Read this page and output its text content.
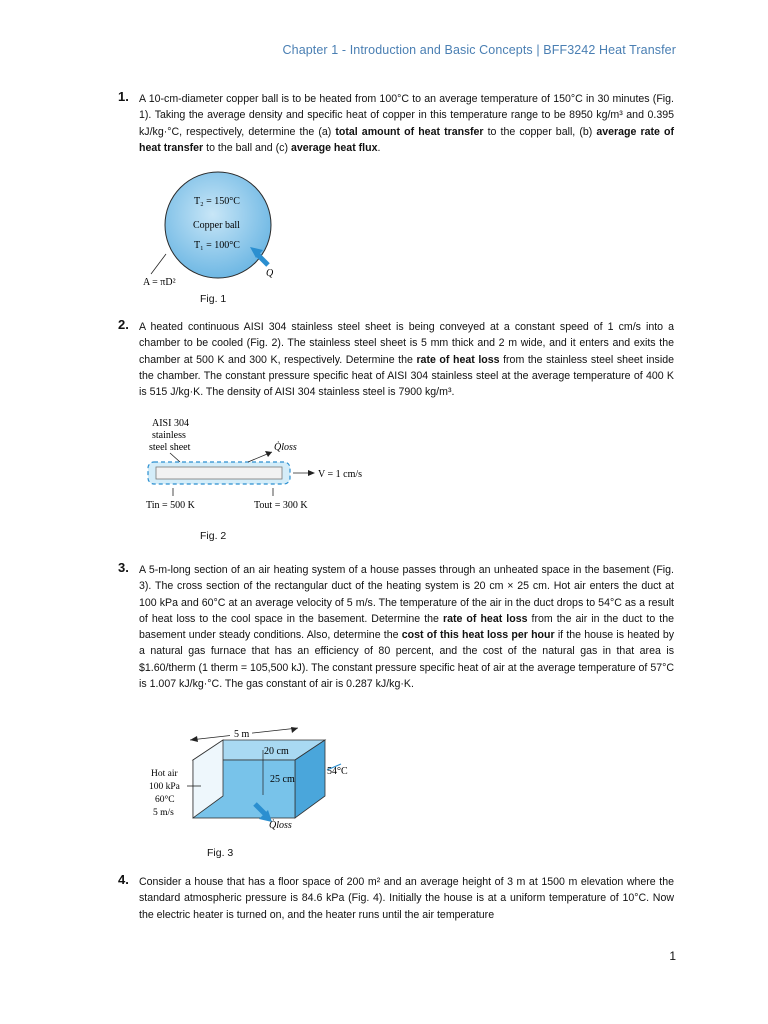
Chapter 1 - Introduction and Basic Concepts | BFF3242 Heat Transfer
1. A 10-cm-diameter copper ball is to be heated from 100°C to an average temperature of 150°C in 30 minutes (Fig. 1). Taking the average density and specific heat of copper in this temperature range to be 8950 kg/m³ and 0.395 kJ/kg·°C, respectively, determine the (a) total amount of heat transfer to the copper ball, (b) average rate of heat transfer to the ball and (c) average heat flux.

T₂ = 150°C
Copper ball
T₁ = 100°C
Q
A = πD²
Fig. 1
2. A heated continuous AISI 304 stainless steel sheet is being conveyed at a constant speed of 1 cm/s into a chamber to be cooled (Fig. 2). The stainless steel sheet is 5 mm thick and 2 m wide, and it enters and exits the chamber at 500 K and 300 K, respectively. Determine the rate of heat loss from the stainless steel sheet inside the chamber. The constant pressure specific heat of AISI 304 stainless steel at the average temperature of 400 K is 515 J/kg·K. The density of AISI 304 stainless steel is 7900 kg/m³.

AISI 304
stainless
steel sheet	Q̇loss
V = 1 cm/s
Tin = 500 K	Tout = 300 K
Fig. 2
3. A 5-m-long section of an air heating system of a house passes through an unheated space in the basement (Fig. 3). The cross section of the rectangular duct of the heating system is 20 cm × 25 cm. Hot air enters the duct at 100 kPa and 60°C at an average velocity of 5 m/s. The temperature of the air in the duct drops to 54°C as a result of heat loss to the cool space in the basement. Determine the rate of heat loss from the air in the duct to the basement under steady conditions. Also, determine the cost of this heat loss per hour if the house is heated by a natural gas furnace that has an efficiency of 80 percent, and the cost of the natural gas in that area is $1.60/therm (1 therm = 105,500 kJ). The constant pressure specific heat of air at the average temperature of 57°C is 1.007 kJ/kg·°C. The gas constant of air is 0.287 kJ/kg·K.

5 m
20 cm
25 cm
54°C
Hot air
100 kPa
60°C
5 m/s
Q̇loss
Fig. 3
4. Consider a house that has a floor space of 200 m² and an average height of 3 m at 1500 m elevation where the standard atmospheric pressure is 84.6 kPa (Fig. 4). Initially the house is at a uniform temperature of 10°C. Now the electric heater is turned on, and the heater runs until the air temperature

1
